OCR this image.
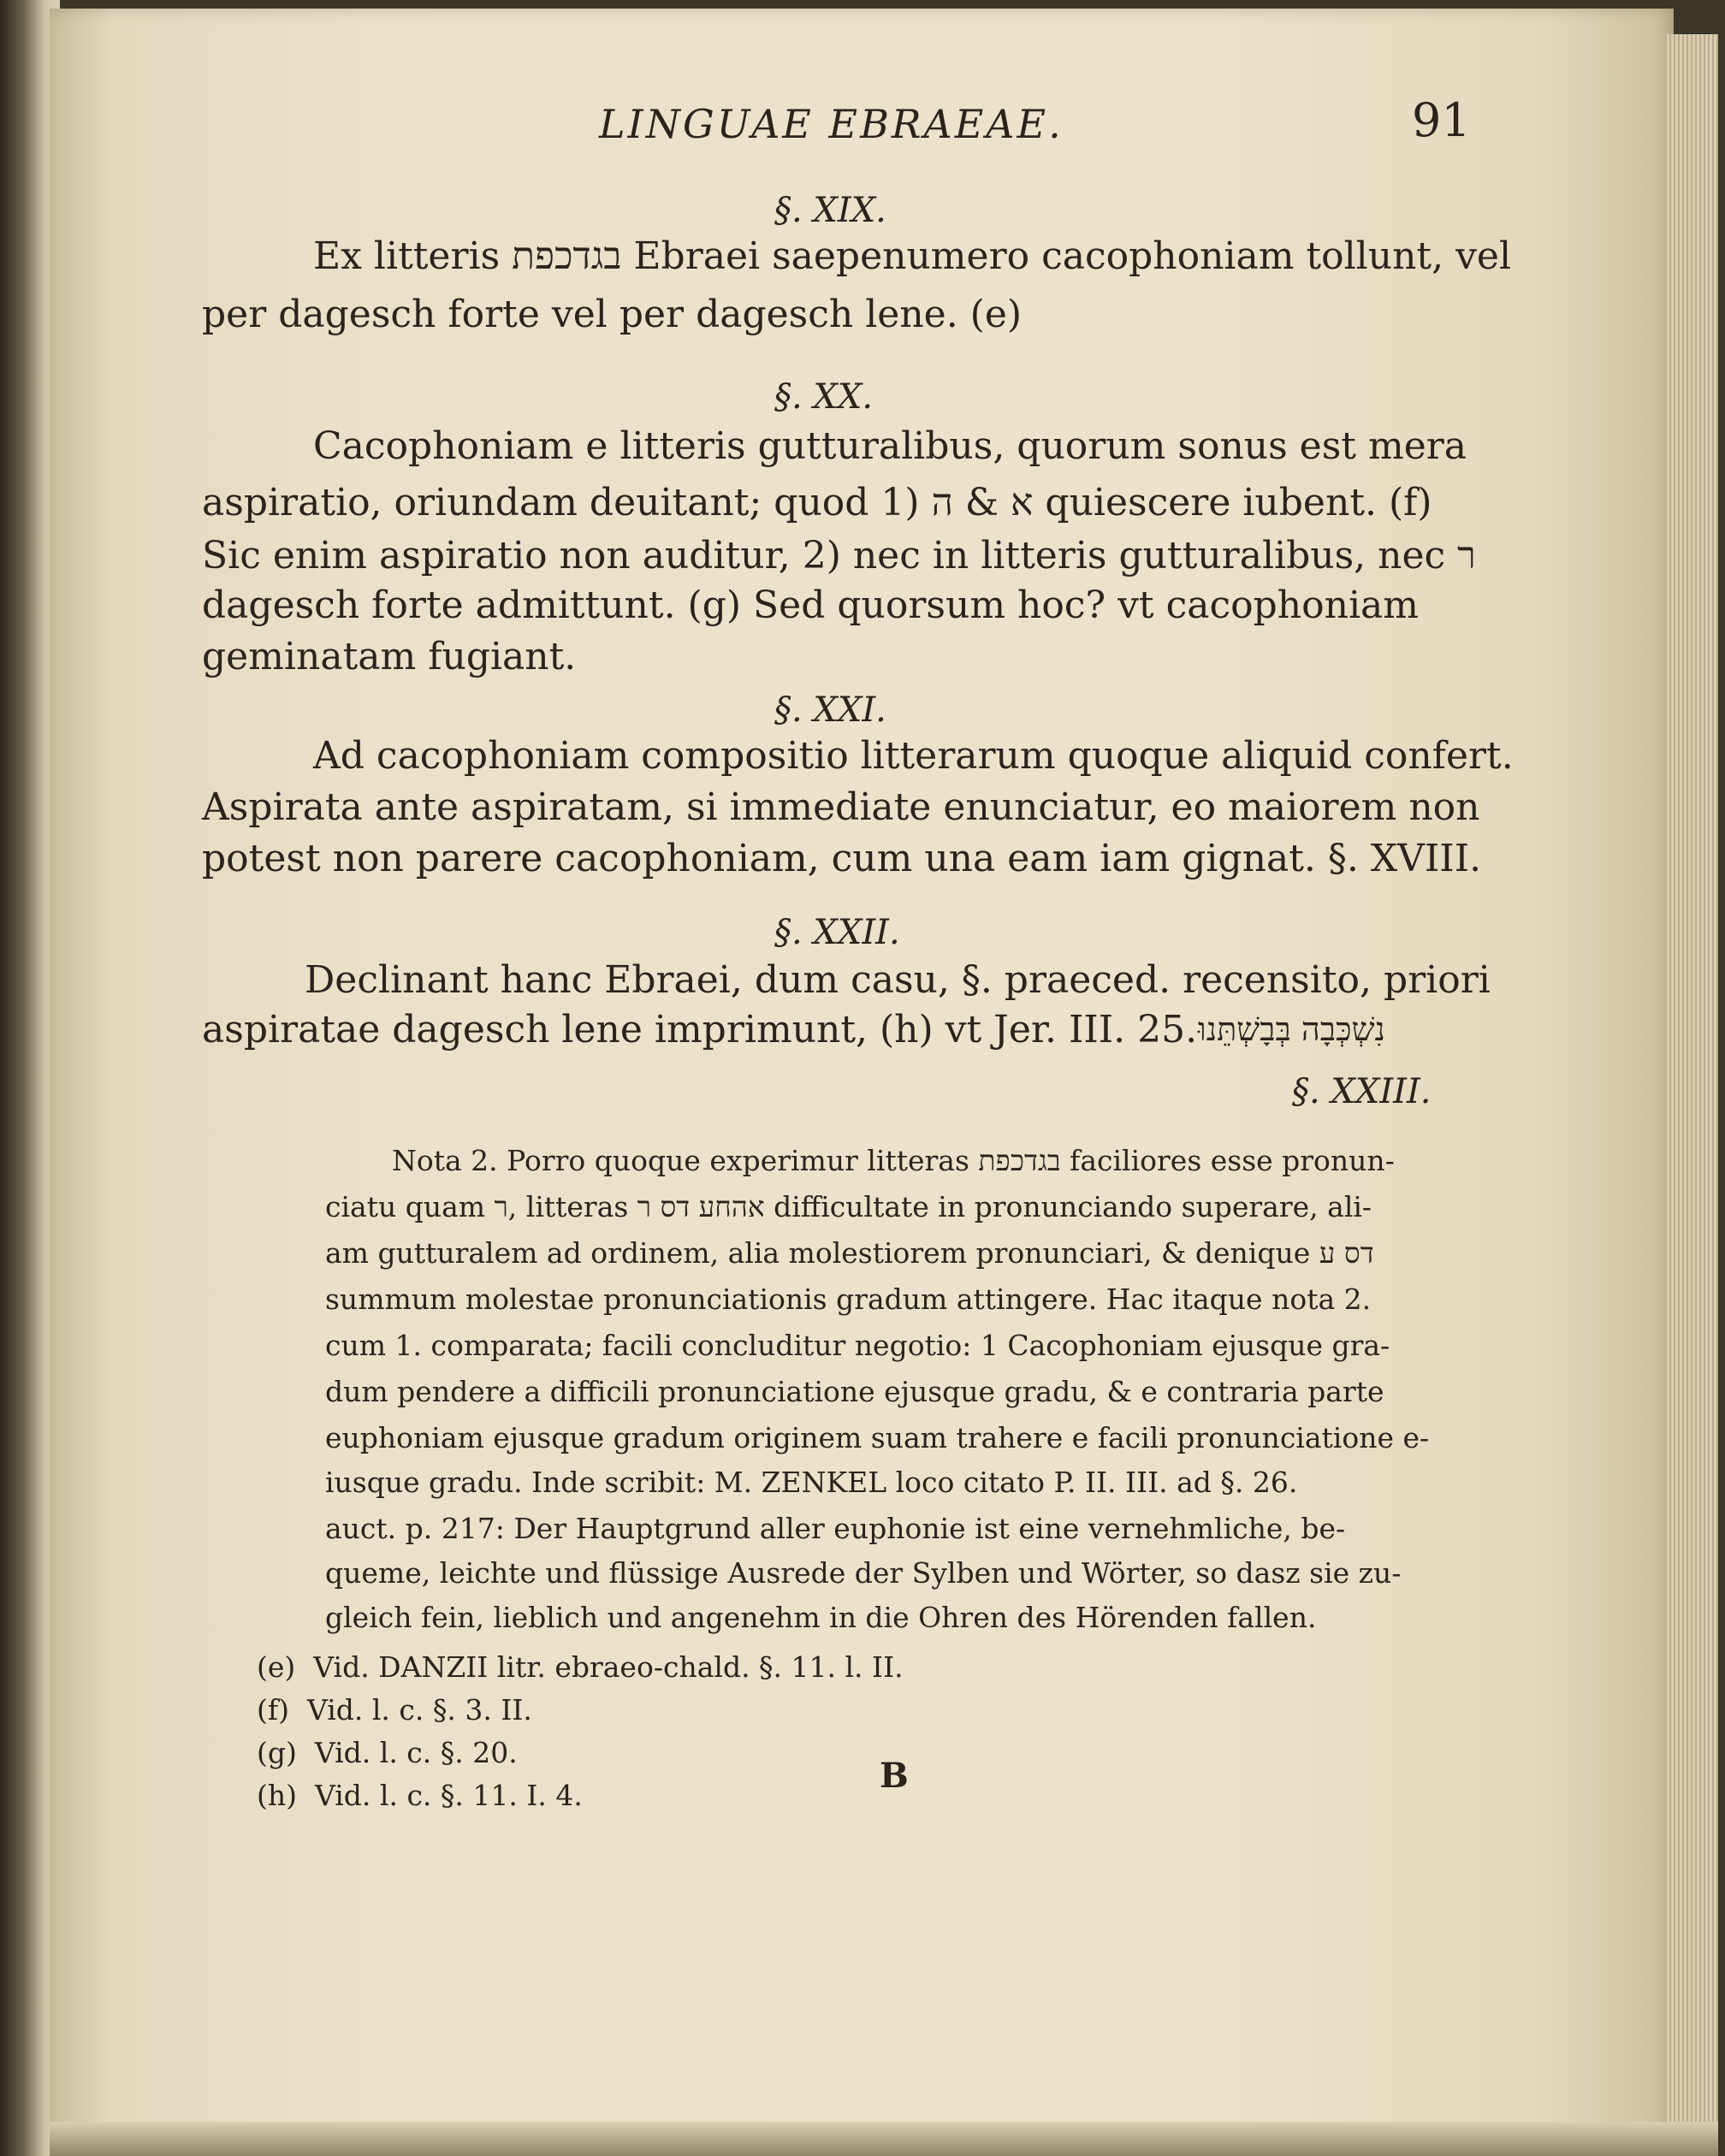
LINGUAE EBRAEAE.	91
§. XIX.
Ex litteris בגדכפת Ebraei saepenumero cacophoniam tollunt, vel
per dagesch forte vel per dagesch lene. (e)
§. XX.
Cacophoniam e litteris gutturalibus, quorum sonus est mera
aspiratio, oriundam deuitant; quod 1) א & ה quiescere iubent. (f)
Sic enim aspiratio non auditur, 2) nec in litteris gutturalibus, nec ר
dagesch forte admittunt. (g) Sed quorsum hoc? vt cacophoniam
geminatam fugiant.
§. XXI.
Ad cacophoniam compositio litterarum quoque aliquid confert.
Aspirata ante aspiratam, si immediate enunciatur, eo maiorem non
potest non parere cacophoniam, cum una eam iam gignat. §. XVIII.
§. XXII.
Declinant hanc Ebraei, dum casu, §. praeced. recensito, priori
aspiratae dagesch lene imprimunt, (h) vt Jer. III. 25. נִשְׁכְּבָה בְּבָשְׁתֵּנוּ
§. XXIII.
Nota 2. Porro quoque experimur litteras בגדכפת faciliores esse pronun-
ciatu quam ר, litteras אהחע דס ר difficultate in pronunciando superare, ali-
am gutturalem ad ordinem, alia molestiorem pronunciari, & denique דס ע
summum molestae pronunciationis gradum attingere. Hac itaque nota 2.
cum 1. comparata; facili concluditur negotio: 1 Cacophoniam ejusque gra-
dum pendere a difficili pronunciatione ejusque gradu, & e contraria parte
euphoniam ejusque gradum originem suam trahere e facili pronunciatione e-
iusque gradu. Inde scribit: M. ZENKEL loco citato P. II. III. ad §. 26.
auct. p. 217: Der Hauptgrund aller euphonie ist eine vernehmliche, be-
queme, leichte und flüssige Ausrede der Sylben und Wörter, so dasz sie zu-
gleich fein, lieblich und angenehm in die Ohren des Hörenden fallen.
(e) Vid. DANZII litr. ebraeo-chald. §. 11. l. II.
(f) Vid. l. c. §. 3. II.
(g) Vid. l. c. §. 20.
(h) Vid. l. c. §. 11. I. 4.	B
